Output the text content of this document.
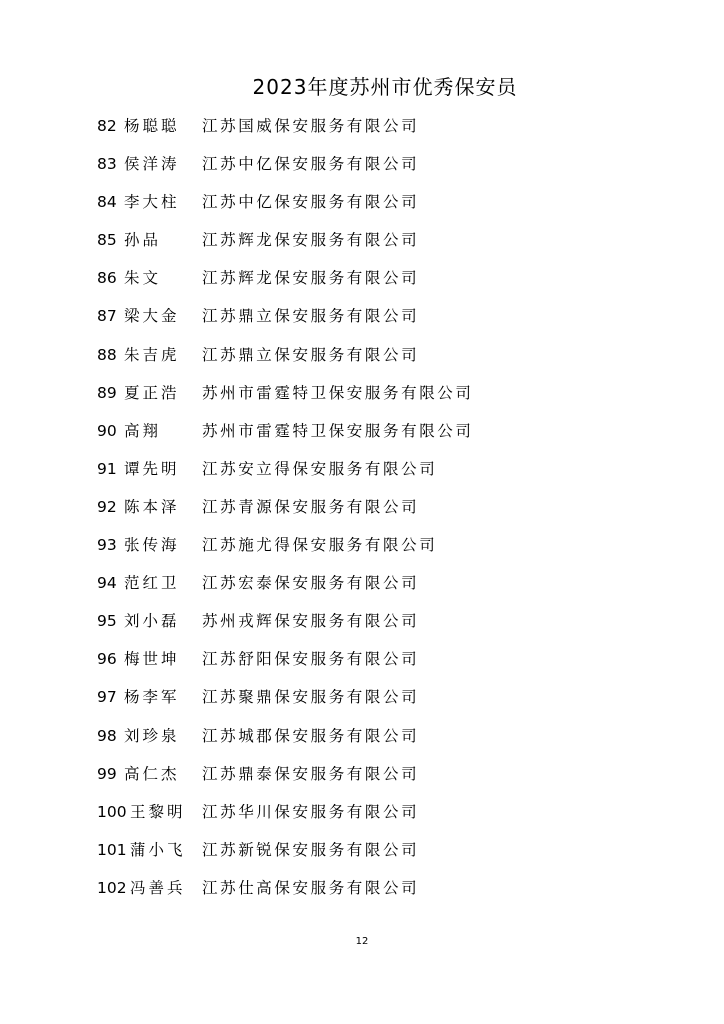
2023年度苏州市优秀保安员
82 杨聪聪 江苏国威保安服务有限公司
83 侯洋涛 江苏中亿保安服务有限公司
84 李大柱 江苏中亿保安服务有限公司
85 孙品	江苏辉龙保安服务有限公司
86 朱文	江苏辉龙保安服务有限公司
87 梁大金 江苏鼎立保安服务有限公司
88 朱吉虎 江苏鼎立保安服务有限公司
89 夏正浩 苏州市雷霆特卫保安服务有限公司
90 高翔	苏州市雷霆特卫保安服务有限公司
91 谭先明 江苏安立得保安服务有限公司
92 陈本泽 江苏青源保安服务有限公司
93 张传海 江苏施尤得保安服务有限公司
94 范红卫 江苏宏泰保安服务有限公司
95 刘小磊 苏州戎辉保安服务有限公司
96 梅世坤 江苏舒阳保安服务有限公司
97 杨李军 江苏聚鼎保安服务有限公司
98 刘珍泉 江苏城郡保安服务有限公司
99 高仁杰 江苏鼎泰保安服务有限公司
100 王黎明 江苏华川保安服务有限公司
101 蒲小飞 江苏新锐保安服务有限公司
102 冯善兵 江苏仕高保安服务有限公司
12
